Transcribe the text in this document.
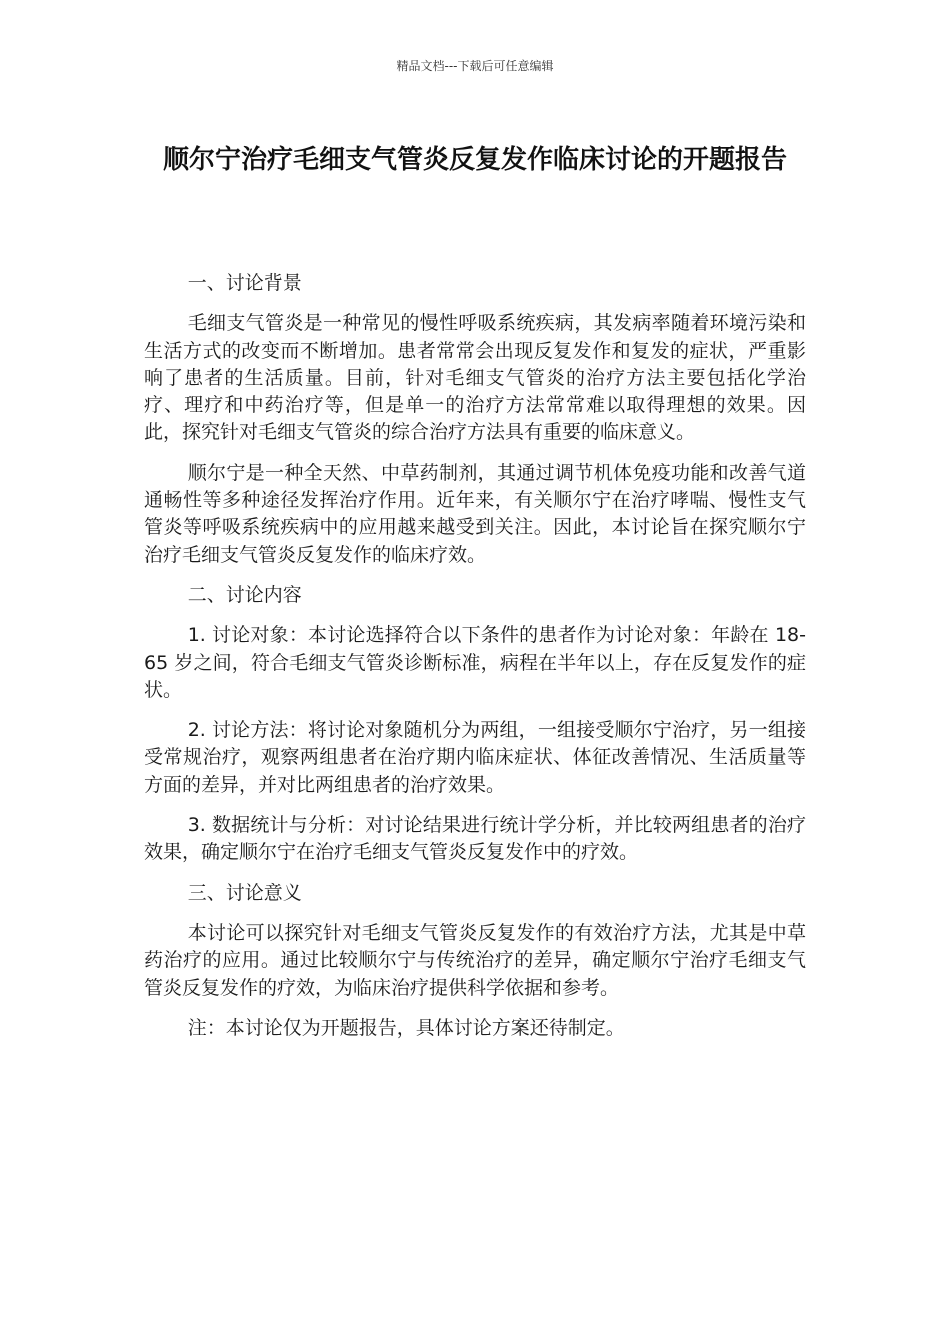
精品文档---下载后可任意编辑
顺尔宁治疗毛细支气管炎反复发作临床讨论的开题报告

一、讨论背景

毛细支气管炎是一种常见的慢性呼吸系统疾病，其发病率随着环境污染和生活方式的改变而不断增加。患者常常会出现反复发作和复发的症状，严重影响了患者的生活质量。目前，针对毛细支气管炎的治疗方法主要包括化学治疗、理疗和中药治疗等，但是单一的治疗方法常常难以取得理想的效果。因此，探究针对毛细支气管炎的综合治疗方法具有重要的临床意义。

顺尔宁是一种全天然、中草药制剂，其通过调节机体免疫功能和改善气道通畅性等多种途径发挥治疗作用。近年来，有关顺尔宁在治疗哮喘、慢性支气管炎等呼吸系统疾病中的应用越来越受到关注。因此，本讨论旨在探究顺尔宁治疗毛细支气管炎反复发作的临床疗效。

二、讨论内容

1. 讨论对象：本讨论选择符合以下条件的患者作为讨论对象：年龄在 18-65 岁之间，符合毛细支气管炎诊断标准，病程在半年以上，存在反复发作的症状。

2. 讨论方法：将讨论对象随机分为两组，一组接受顺尔宁治疗，另一组接受常规治疗，观察两组患者在治疗期内临床症状、体征改善情况、生活质量等方面的差异，并对比两组患者的治疗效果。

3. 数据统计与分析：对讨论结果进行统计学分析，并比较两组患者的治疗效果，确定顺尔宁在治疗毛细支气管炎反复发作中的疗效。

三、讨论意义

本讨论可以探究针对毛细支气管炎反复发作的有效治疗方法，尤其是中草药治疗的应用。通过比较顺尔宁与传统治疗的差异，确定顺尔宁治疗毛细支气管炎反复发作的疗效，为临床治疗提供科学依据和参考。

注：本讨论仅为开题报告，具体讨论方案还待制定。
